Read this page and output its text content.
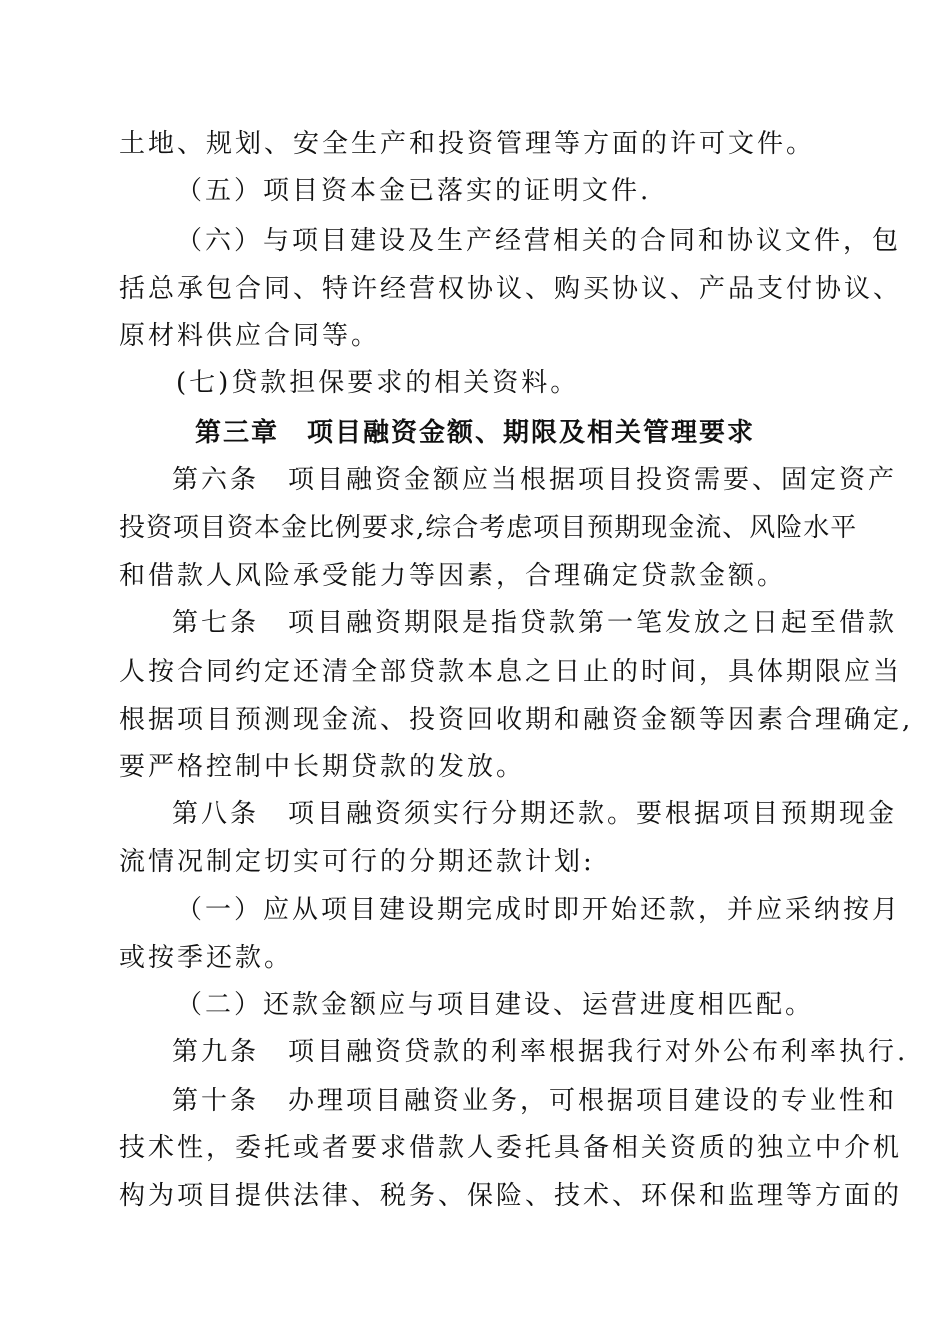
土地、规划、安全生产和投资管理等方面的许可文件。
（五）项目资本金已落实的证明文件.
（六）与项目建设及生产经营相关的合同和协议文件，包
括总承包合同、特许经营权协议、购买协议、产品支付协议、
原材料供应合同等。
(七)贷款担保要求的相关资料。
第三章　项目融资金额、期限及相关管理要求
第六条　项目融资金额应当根据项目投资需要、固定资产
投资项目资本金比例要求,综合考虑项目预期现金流、风险水平
和借款人风险承受能力等因素，合理确定贷款金额。
第七条　项目融资期限是指贷款第一笔发放之日起至借款
人按合同约定还清全部贷款本息之日止的时间，具体期限应当
根据项目预测现金流、投资回收期和融资金额等因素合理确定,
要严格控制中长期贷款的发放。
第八条　项目融资须实行分期还款。要根据项目预期现金
流情况制定切实可行的分期还款计划:
（一）应从项目建设期完成时即开始还款，并应采纳按月
或按季还款。
（二）还款金额应与项目建设、运营进度相匹配。
第九条　项目融资贷款的利率根据我行对外公布利率执行.
第十条　办理项目融资业务，可根据项目建设的专业性和
技术性，委托或者要求借款人委托具备相关资质的独立中介机
构为项目提供法律、税务、保险、技术、环保和监理等方面的
